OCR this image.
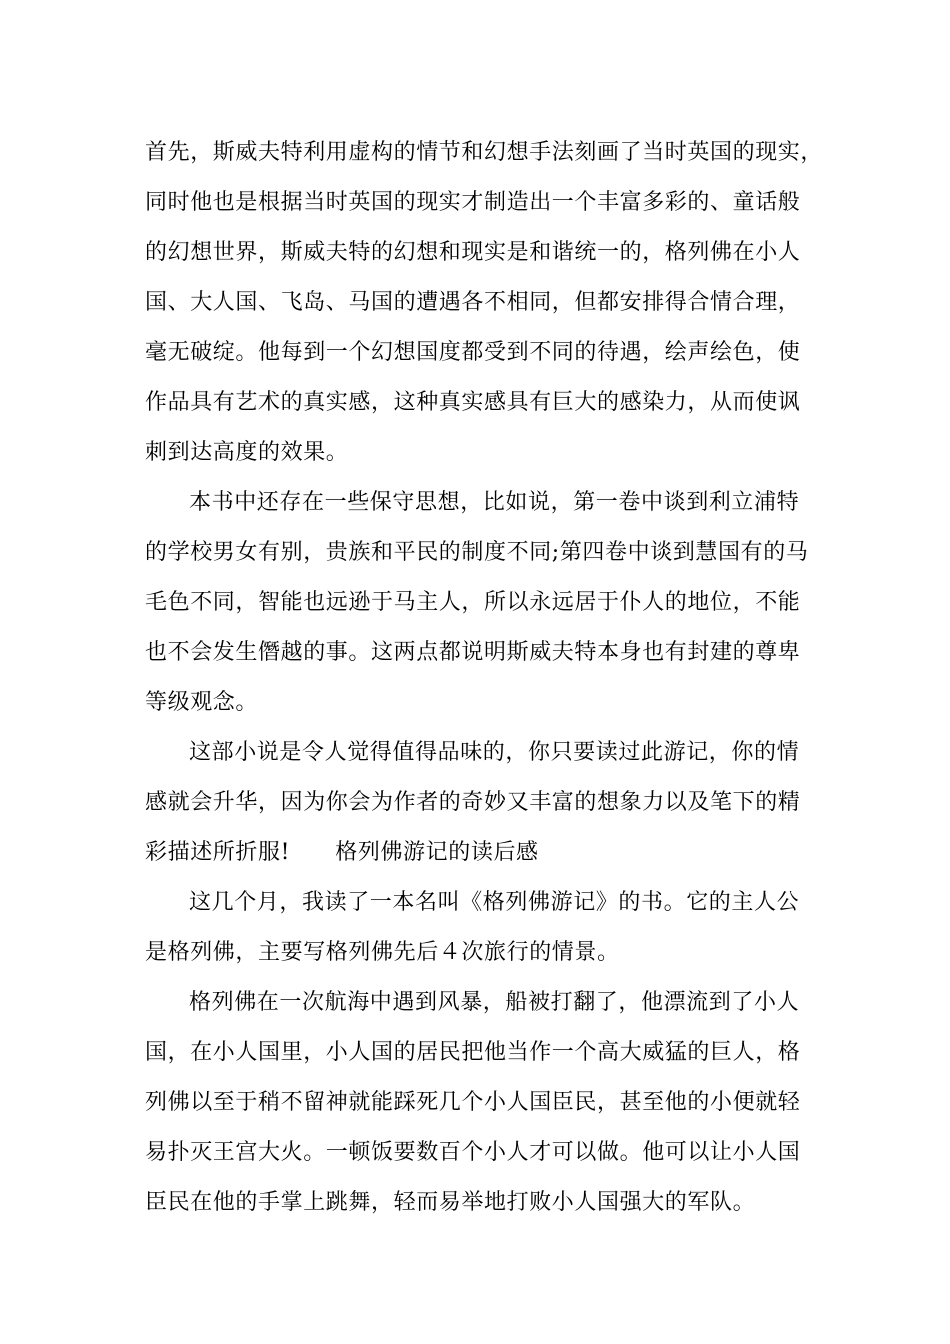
首先，斯威夫特利用虚构的情节和幻想手法刻画了当时英国的现实，
同时他也是根据当时英国的现实才制造出一个丰富多彩的、童话般
的幻想世界，斯威夫特的幻想和现实是和谐统一的，格列佛在小人
国、大人国、飞岛、马国的遭遇各不相同，但都安排得合情合理，
毫无破绽。他每到一个幻想国度都受到不同的待遇，绘声绘色，使
作品具有艺术的真实感，这种真实感具有巨大的感染力，从而使讽
刺到达高度的效果。
本书中还存在一些保守思想，比如说，第一卷中谈到利立浦特
的学校男女有别，贵族和平民的制度不同;第四卷中谈到慧国有的马
毛色不同，智能也远逊于马主人，所以永远居于仆人的地位，不能
也不会发生僭越的事。这两点都说明斯威夫特本身也有封建的尊卑
等级观念。
这部小说是令人觉得值得品味的，你只要读过此游记，你的情
感就会升华，因为你会为作者的奇妙又丰富的想象力以及笔下的精
彩描述所折服!　　格列佛游记的读后感
这几个月，我读了一本名叫《格列佛游记》的书。它的主人公
是格列佛，主要写格列佛先后４次旅行的情景。
格列佛在一次航海中遇到风暴，船被打翻了，他漂流到了小人
国，在小人国里，小人国的居民把他当作一个高大威猛的巨人，格
列佛以至于稍不留神就能踩死几个小人国臣民，甚至他的小便就轻
易扑灭王宫大火。一顿饭要数百个小人才可以做。他可以让小人国
臣民在他的手掌上跳舞，轻而易举地打败小人国强大的军队。
